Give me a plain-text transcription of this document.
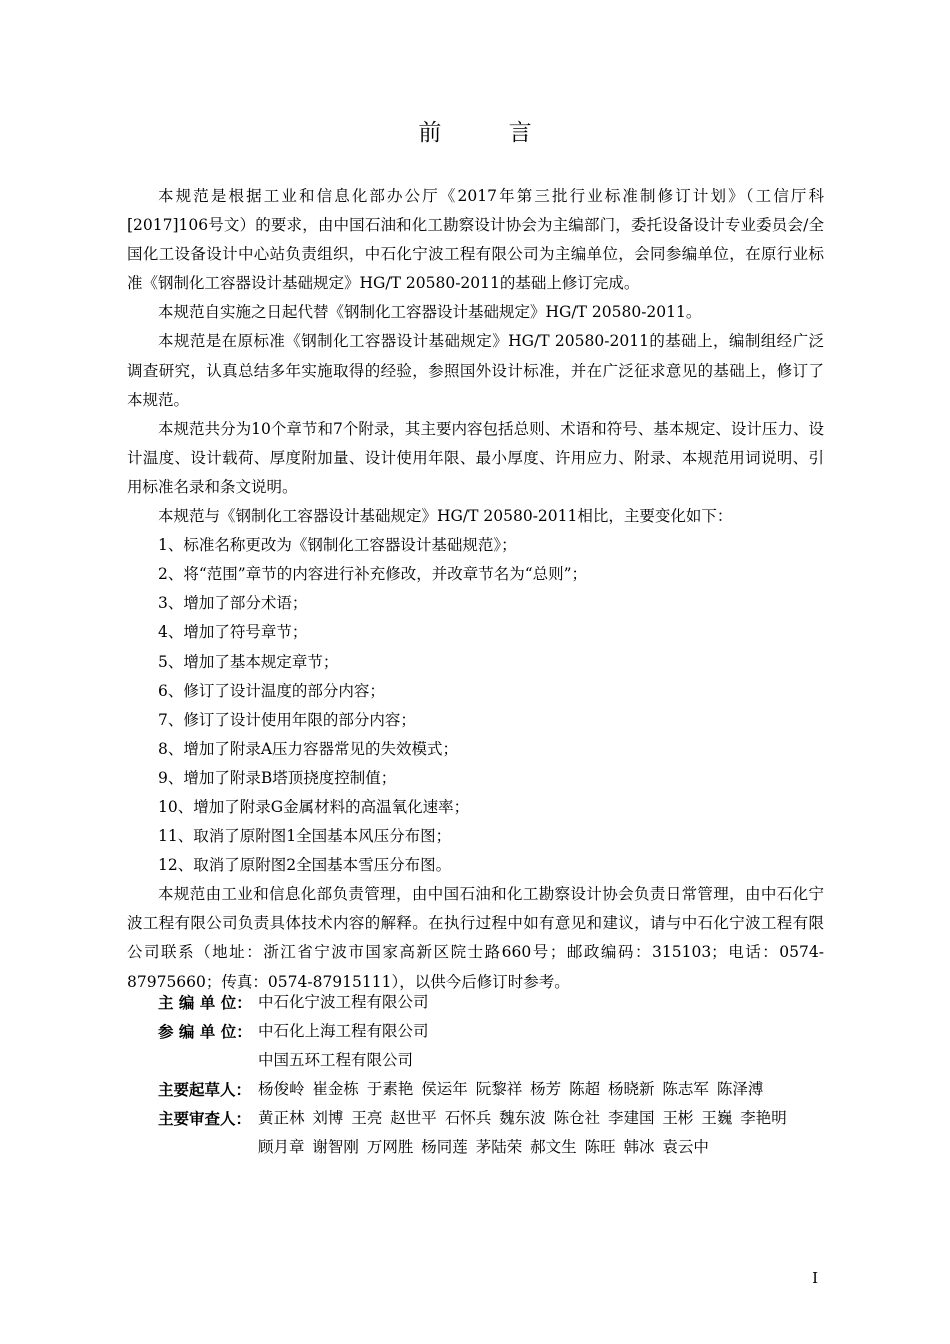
前 言

本规范是根据工业和信息化部办公厅《2017年第三批行业标准制修订计划》（工信厅科[2017]106号文）的要求，由中国石油和化工勘察设计协会为主编部门，委托设备设计专业委员会/全国化工设备设计中心站负责组织，中石化宁波工程有限公司为主编单位，会同参编单位，在原行业标准《钢制化工容器设计基础规定》HG/T 20580-2011的基础上修订完成。

本规范自实施之日起代替《钢制化工容器设计基础规定》HG/T 20580-2011。

本规范是在原标准《钢制化工容器设计基础规定》HG/T 20580-2011的基础上，编制组经广泛调查研究，认真总结多年实施取得的经验，参照国外设计标准，并在广泛征求意见的基础上，修订了本规范。

本规范共分为10个章节和7个附录，其主要内容包括总则、术语和符号、基本规定、设计压力、设计温度、设计载荷、厚度附加量、设计使用年限、最小厚度、许用应力、附录、本规范用词说明、引用标准名录和条文说明。

本规范与《钢制化工容器设计基础规定》HG/T 20580-2011相比，主要变化如下：

1、标准名称更改为《钢制化工容器设计基础规范》；

2、将“范围”章节的内容进行补充修改，并改章节名为“总则”；

3、增加了部分术语；

4、增加了符号章节；

5、增加了基本规定章节；

6、修订了设计温度的部分内容；

7、修订了设计使用年限的部分内容；

8、增加了附录A压力容器常见的失效模式；

9、增加了附录B塔顶挠度控制值；

10、增加了附录G金属材料的高温氧化速率；

11、取消了原附图1全国基本风压分布图；

12、取消了原附图2全国基本雪压分布图。

本规范由工业和信息化部负责管理，由中国石油和化工勘察设计协会负责日常管理，由中石化宁波工程有限公司负责具体技术内容的解释。在执行过程中如有意见和建议，请与中石化宁波工程有限公司联系（地址：浙江省宁波市国家高新区院士路660号；邮政编码：315103；电话：0574-87975660；传真：0574-87915111），以供今后修订时参考。

主 编 单 位： 中石化宁波工程有限公司
参 编 单 位： 中石化上海工程有限公司
中国五环工程有限公司
主要起草人： 杨俊岭 崔金栋 于素艳 侯运年 阮黎祥 杨芳 陈超 杨晓新 陈志军 陈泽溥
主要审查人： 黄正林 刘博 王亮 赵世平 石怀兵 魏东波 陈仓社 李建国 王彬 王巍 李艳明
顾月章 谢智刚 万网胜 杨同莲 茅陆荣 郝文生 陈旺 韩冰 袁云中
I
